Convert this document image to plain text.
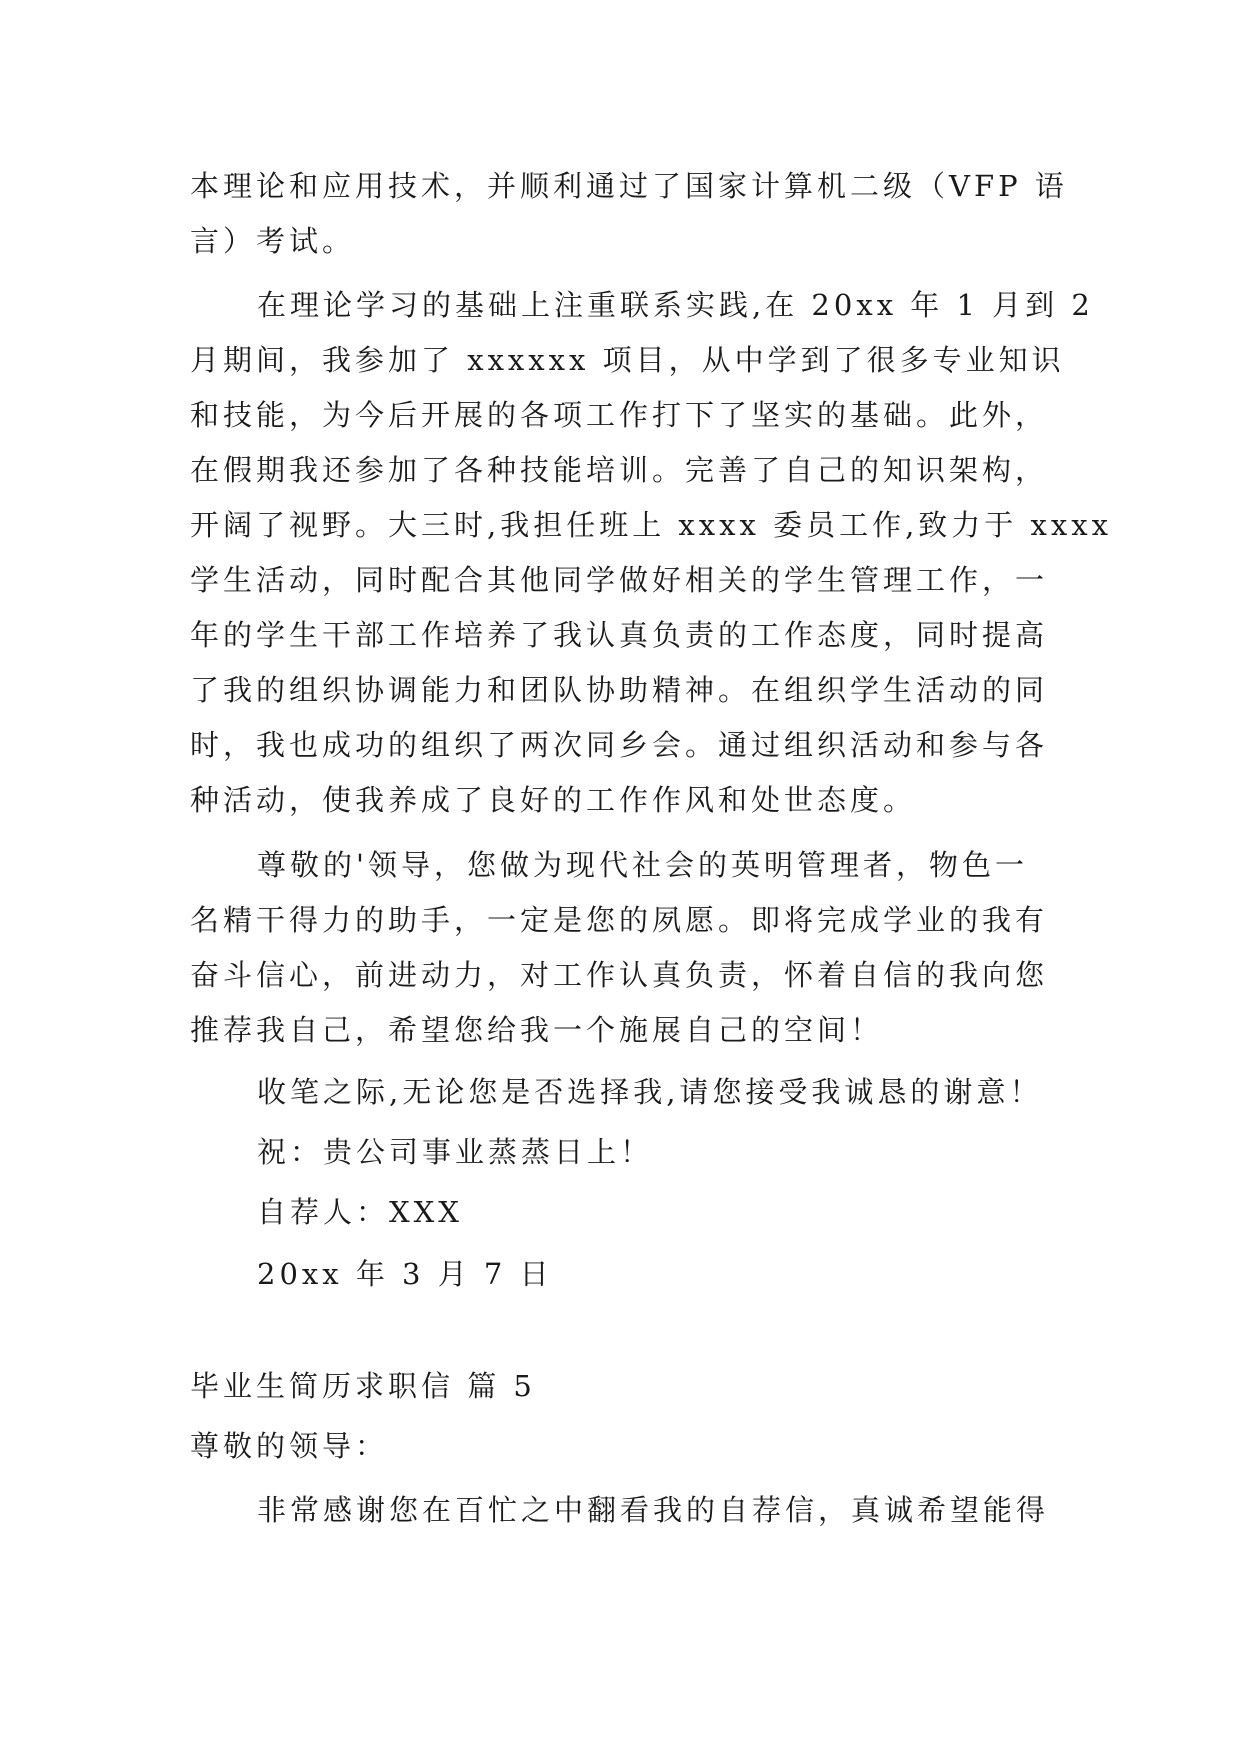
本理论和应用技术，并顺利通过了国家计算机二级（VFP 语
言）考试。
在理论学习的基础上注重联系实践,在 20xx 年 1 月到 2
月期间，我参加了 xxxxxx 项目，从中学到了很多专业知识
和技能，为今后开展的各项工作打下了坚实的基础。此外，
在假期我还参加了各种技能培训。完善了自己的知识架构，
开阔了视野。大三时,我担任班上 xxxx 委员工作,致力于 xxxx
学生活动，同时配合其他同学做好相关的学生管理工作，一
年的学生干部工作培养了我认真负责的工作态度，同时提高
了我的组织协调能力和团队协助精神。在组织学生活动的同
时，我也成功的组织了两次同乡会。通过组织活动和参与各
种活动，使我养成了良好的工作作风和处世态度。
尊敬的'领导，您做为现代社会的英明管理者，物色一
名精干得力的助手，一定是您的夙愿。即将完成学业的我有
奋斗信心，前进动力，对工作认真负责，怀着自信的我向您
推荐我自己，希望您给我一个施展自己的空间！
收笔之际,无论您是否选择我,请您接受我诚恳的谢意！
祝：贵公司事业蒸蒸日上！
自荐人：XXX
20xx 年 3 月 7 日
毕业生简历求职信 篇 5
尊敬的领导：
非常感谢您在百忙之中翻看我的自荐信，真诚希望能得
